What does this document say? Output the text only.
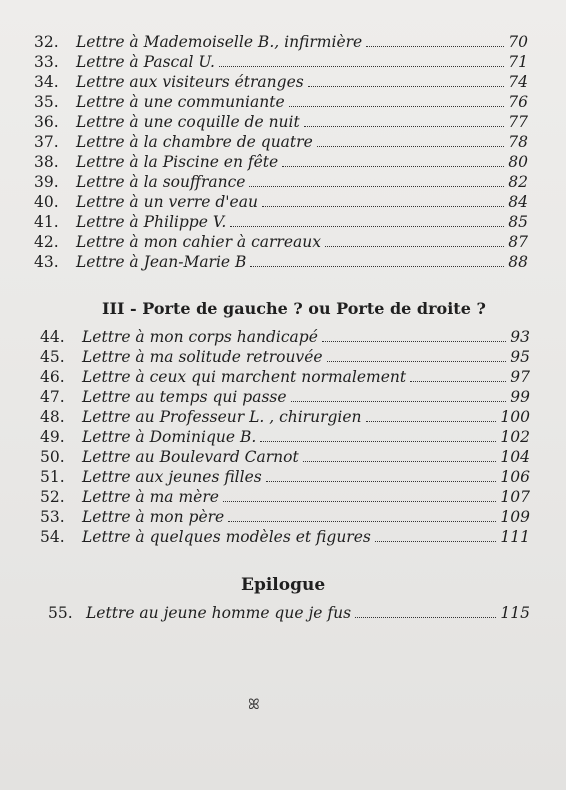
32.	Lettre à Mademoiselle B., infirmière	70
33.	Lettre à Pascal U.	71
34.	Lettre aux visiteurs étranges	74
35.	Lettre à une communiante	76
36.	Lettre à une coquille de nuit	77
37.	Lettre à la chambre de quatre	78
38.	Lettre à la Piscine en fête	80
39.	Lettre à la souffrance	82
40.	Lettre à un verre d'eau	84
41.	Lettre à Philippe V.	85
42.	Lettre à mon cahier à carreaux	87
43.	Lettre à Jean-Marie B	88
III - Porte de gauche ? ou Porte de droite ?
44.	Lettre à mon corps handicapé	93
45.	Lettre à ma solitude retrouvée	95
46.	Lettre à ceux qui marchent normalement	97
47.	Lettre au temps qui passe	99
48.	Lettre au Professeur L. , chirurgien	100
49.	Lettre à Dominique B.	102
50.	Lettre au Boulevard Carnot	104
51.	Lettre aux jeunes filles	106
52.	Lettre à ma mère	107
53.	Lettre à mon père	109
54.	Lettre à quelques modèles et figures	111
Epilogue
55. Lettre au jeune homme que je fus	115
ꕤ
